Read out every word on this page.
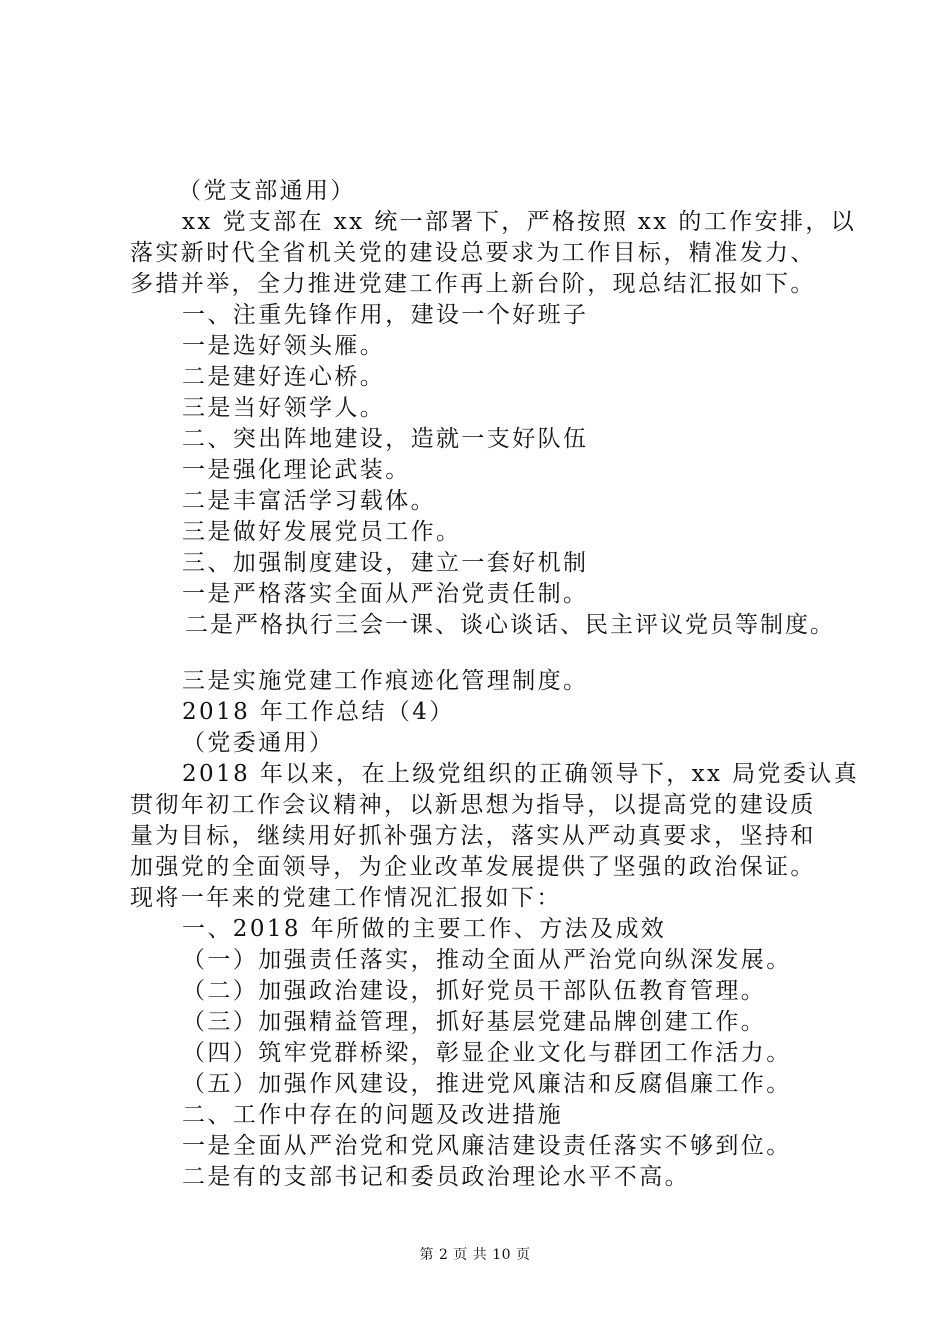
（党支部通用）
xx 党支部在 xx 统一部署下，严格按照 xx 的工作安排，以
落实新时代全省机关党的建设总要求为工作目标，精准发力、
多措并举，全力推进党建工作再上新台阶，现总结汇报如下。
一、注重先锋作用，建设一个好班子
一是选好领头雁。
二是建好连心桥。
三是当好领学人。
二、突出阵地建设，造就一支好队伍
一是强化理论武装。
二是丰富活学习载体。
三是做好发展党员工作。
三、加强制度建设，建立一套好机制
一是严格落实全面从严治党责任制。
二是严格执行三会一课、谈心谈话、民主评议党员等制度。
三是实施党建工作痕迹化管理制度。
2018 年工作总结（4）
（党委通用）
2018 年以来，在上级党组织的正确领导下，xx 局党委认真
贯彻年初工作会议精神，以新思想为指导，以提高党的建设质
量为目标，继续用好抓补强方法，落实从严动真要求，坚持和
加强党的全面领导，为企业改革发展提供了坚强的政治保证。
现将一年来的党建工作情况汇报如下：
一、2018 年所做的主要工作、方法及成效
（一）加强责任落实，推动全面从严治党向纵深发展。
（二）加强政治建设，抓好党员干部队伍教育管理。
（三）加强精益管理，抓好基层党建品牌创建工作。
（四）筑牢党群桥梁，彰显企业文化与群团工作活力。
（五）加强作风建设，推进党风廉洁和反腐倡廉工作。
二、工作中存在的问题及改进措施
一是全面从严治党和党风廉洁建设责任落实不够到位。
二是有的支部书记和委员政治理论水平不高。
第 2 页 共 10 页
